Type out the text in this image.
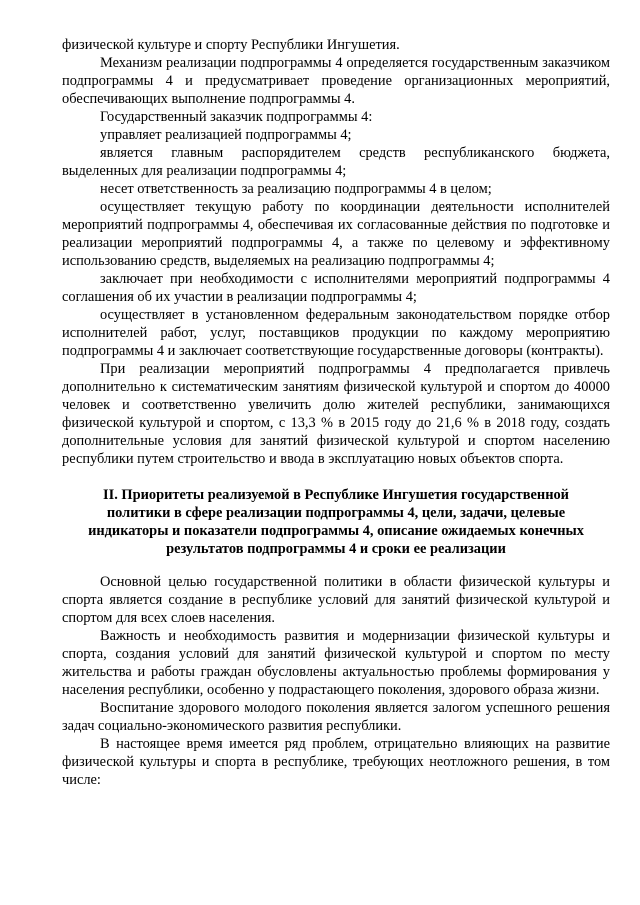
физической культуре и спорту Республики Ингушетия.

Механизм реализации подпрограммы 4 определяется государственным заказчиком подпрограммы 4 и предусматривает проведение организационных мероприятий, обеспечивающих выполнение подпрограммы 4.

Государственный заказчик подпрограммы 4:

управляет реализацией подпрограммы 4;

является главным распорядителем средств республиканского бюджета, выделенных для реализации подпрограммы 4;

несет ответственность за реализацию подпрограммы 4 в целом;

осуществляет текущую работу по координации деятельности исполнителей мероприятий подпрограммы 4, обеспечивая их согласованные действия по подготовке и реализации мероприятий подпрограммы 4, а также по целевому и эффективному использованию средств, выделяемых на реализацию подпрограммы 4;

заключает при необходимости с исполнителями мероприятий подпрограммы 4 соглашения об их участии в реализации подпрограммы 4;

осуществляет в установленном федеральным законодательством порядке отбор исполнителей работ, услуг, поставщиков продукции по каждому мероприятию подпрограммы 4 и заключает соответствующие государственные договоры (контракты).

При реализации мероприятий подпрограммы 4 предполагается привлечь дополнительно к систематическим занятиям физической культурой и спортом до 40000 человек и соответственно увеличить долю жителей республики, занимающихся физической культурой и спортом, с 13,3 % в 2015 году до 21,6 % в 2018 году, создать дополнительные условия для занятий физической культурой и спортом населению республики путем строительство и ввода в эксплуатацию новых объектов спорта.

II. Приоритеты реализуемой в Республике Ингушетия государственной политики в сфере реализации подпрограммы 4, цели, задачи, целевые индикаторы и показатели подпрограммы 4, описание ожидаемых конечных результатов подпрограммы 4 и сроки ее реализации

Основной целью государственной политики в области физической культуры и спорта является создание в республике условий для занятий физической культурой и спортом для всех слоев населения.

Важность и необходимость развития и модернизации физической культуры и спорта, создания условий для занятий физической культурой и спортом по месту жительства и работы граждан обусловлены актуальностью проблемы формирования у населения республики, особенно у подрастающего поколения, здорового образа жизни.

Воспитание здорового молодого поколения является залогом успешного решения задач социально-экономического развития республики.

В настоящее время имеется ряд проблем, отрицательно влияющих на развитие физической культуры и спорта в республике, требующих неотложного решения, в том числе:
